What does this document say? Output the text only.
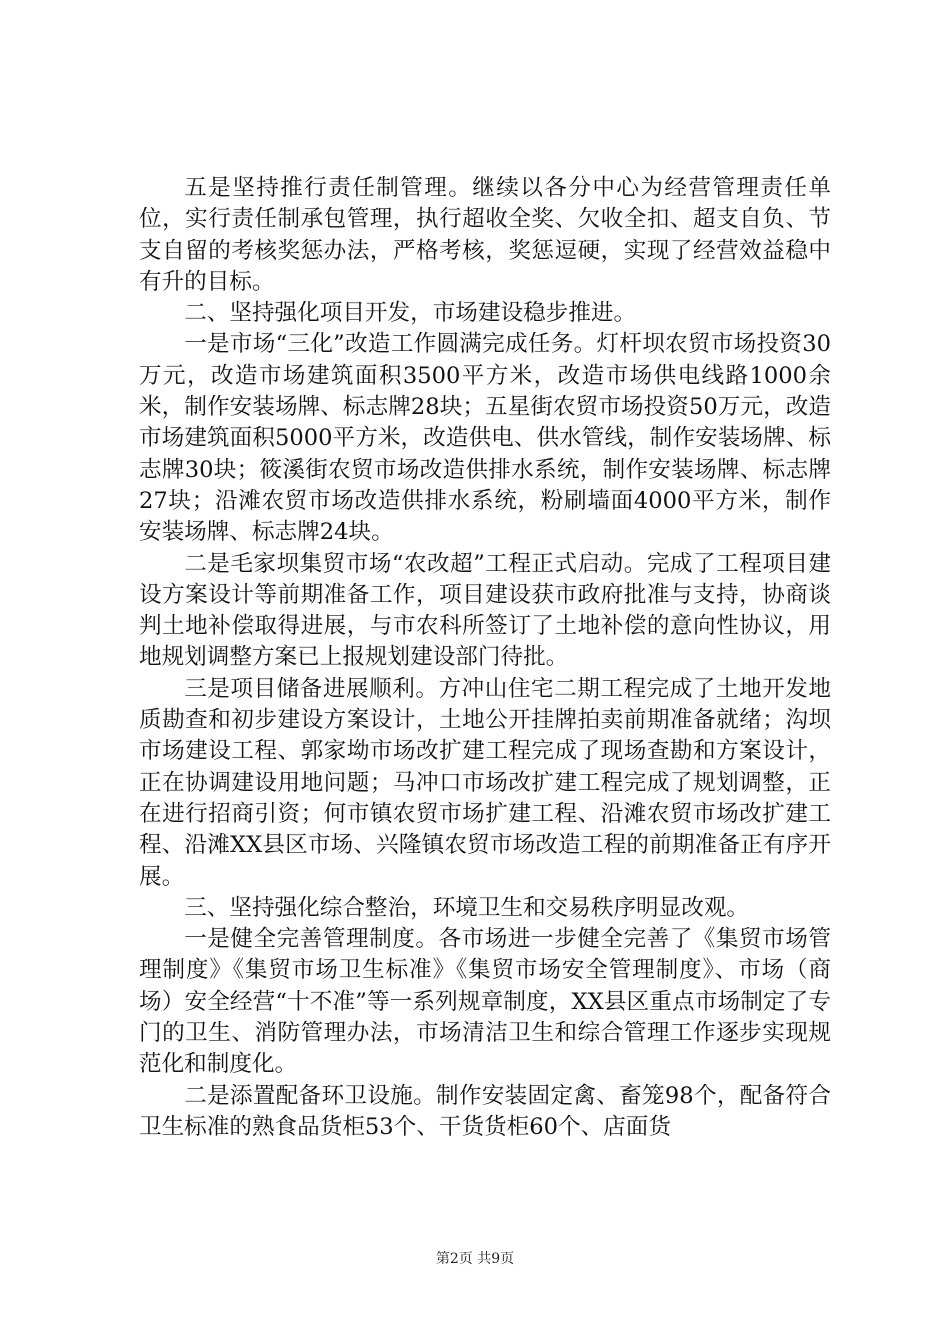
五是坚持推行责任制管理。继续以各分中心为经营管理责任单位，实行责任制承包管理，执行超收全奖、欠收全扣、超支自负、节支自留的考核奖惩办法，严格考核，奖惩逗硬，实现了经营效益稳中有升的目标。

二、坚持强化项目开发，市场建设稳步推进。

一是市场“三化”改造工作圆满完成任务。灯杆坝农贸市场投资30万元，改造市场建筑面积3500平方米，改造市场供电线路1000余米，制作安装场牌、标志牌28块；五星街农贸市场投资50万元，改造市场建筑面积5000平方米，改造供电、供水管线，制作安装场牌、标志牌30块；筱溪街农贸市场改造供排水系统，制作安装场牌、标志牌27块；沿滩农贸市场改造供排水系统，粉刷墙面4000平方米，制作安装场牌、标志牌24块。

二是毛家坝集贸市场“农改超”工程正式启动。完成了工程项目建设方案设计等前期准备工作，项目建设获市政府批准与支持，协商谈判土地补偿取得进展，与市农科所签订了土地补偿的意向性协议，用地规划调整方案已上报规划建设部门待批。

三是项目储备进展顺利。方冲山住宅二期工程完成了土地开发地质勘查和初步建设方案设计，土地公开挂牌拍卖前期准备就绪；沟坝市场建设工程、郭家坳市场改扩建工程完成了现场查勘和方案设计，正在协调建设用地问题；马冲口市场改扩建工程完成了规划调整，正在进行招商引资；何市镇农贸市场扩建工程、沿滩农贸市场改扩建工程、沿滩XX县区市场、兴隆镇农贸市场改造工程的前期准备正有序开展。

三、坚持强化综合整治，环境卫生和交易秩序明显改观。

一是健全完善管理制度。各市场进一步健全完善了《集贸市场管理制度》《集贸市场卫生标准》《集贸市场安全管理制度》、市场（商场）安全经营“十不准”等一系列规章制度，XX县区重点市场制定了专门的卫生、消防管理办法，市场清洁卫生和综合管理工作逐步实现规范化和制度化。

二是添置配备环卫设施。制作安装固定禽、畜笼98个，配备符合卫生标准的熟食品货柜53个、干货货柜60个、店面货

第2页 共9页
